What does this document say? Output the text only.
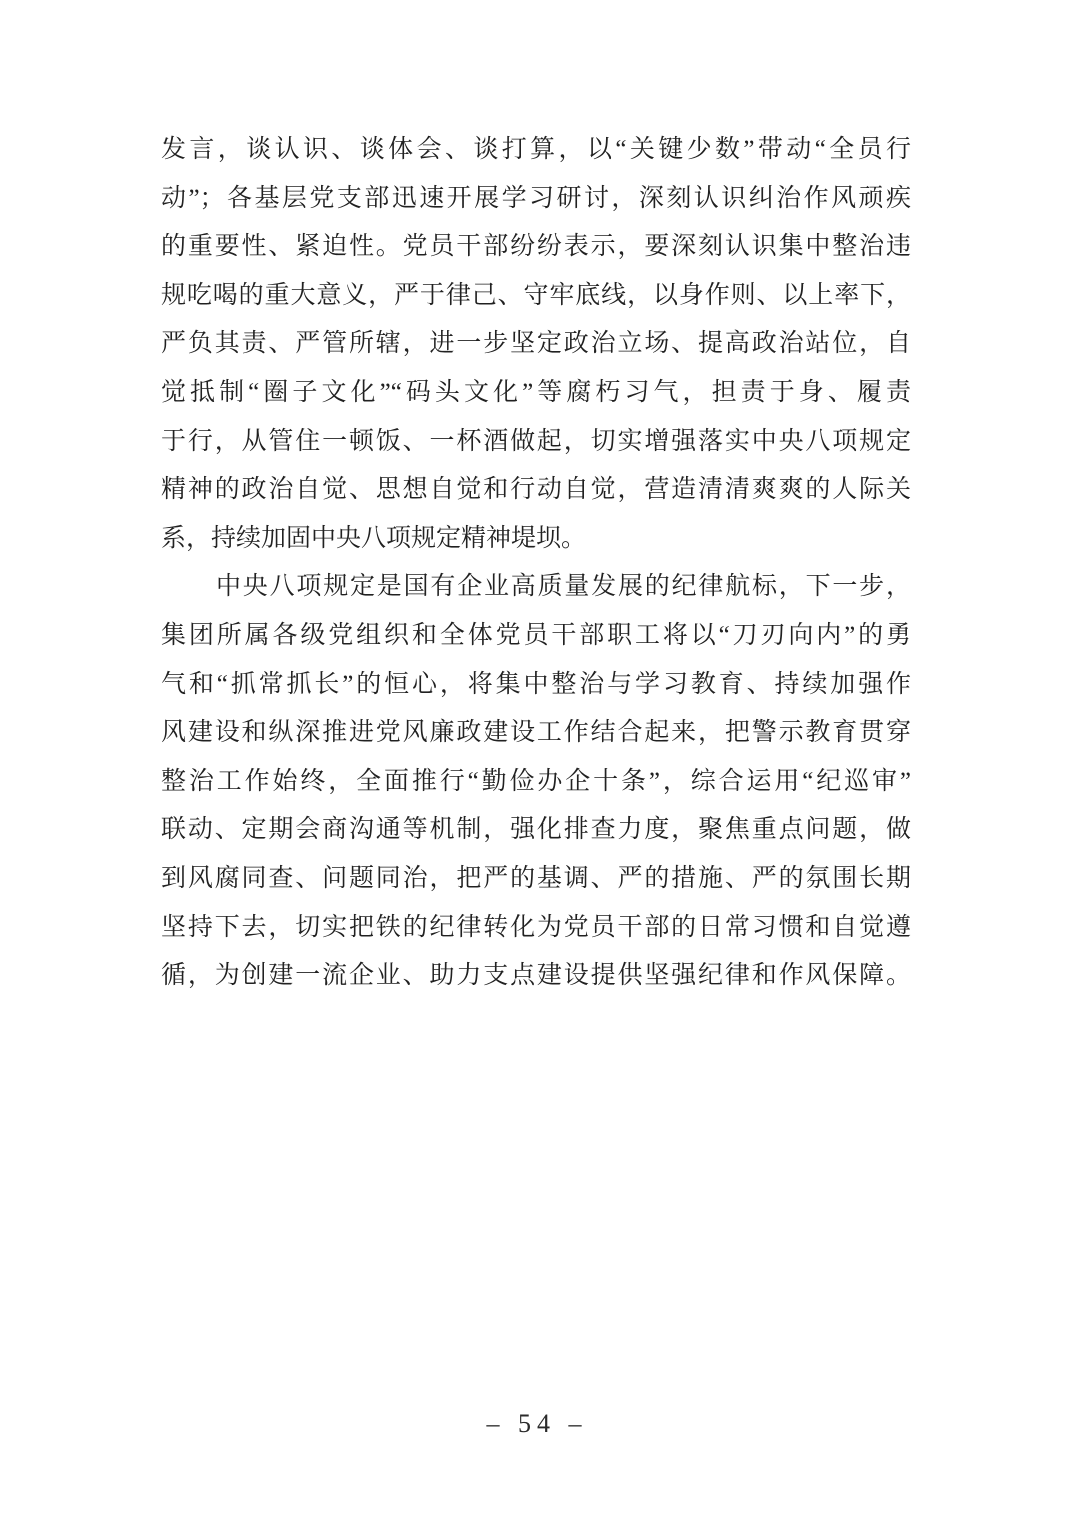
发言，谈认识、谈体会、谈打算，以“关键少数”带动“全员行
动”；各基层党支部迅速开展学习研讨，深刻认识纠治作风顽疾
的重要性、紧迫性。党员干部纷纷表示，要深刻认识集中整治违
规吃喝的重大意义，严于律己、守牢底线，以身作则、以上率下，
严负其责、严管所辖，进一步坚定政治立场、提高政治站位，自
觉抵制“圈子文化”“码头文化”等腐朽习气，担责于身、履责
于行，从管住一顿饭、一杯酒做起，切实增强落实中央八项规定
精神的政治自觉、思想自觉和行动自觉，营造清清爽爽的人际关
系，持续加固中央八项规定精神堤坝。
中央八项规定是国有企业高质量发展的纪律航标，下一步，
集团所属各级党组织和全体党员干部职工将以“刀刃向内”的勇
气和“抓常抓长”的恒心，将集中整治与学习教育、持续加强作
风建设和纵深推进党风廉政建设工作结合起来，把警示教育贯穿
整治工作始终，全面推行“勤俭办企十条”，综合运用“纪巡审”
联动、定期会商沟通等机制，强化排查力度，聚焦重点问题，做
到风腐同查、问题同治，把严的基调、严的措施、严的氛围长期
坚持下去，切实把铁的纪律转化为党员干部的日常习惯和自觉遵
循，为创建一流企业、助力支点建设提供坚强纪律和作风保障。
– 54 –
